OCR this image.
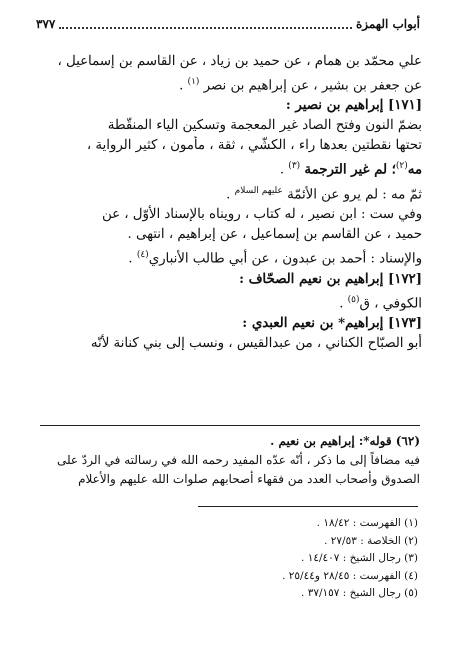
أبواب الهمزة
٣٧٧
علي محمّد بن همام ، عن حميد بن زياد ، عن القاسم بن إسماعيل ،
عن جعفر بن بشير ، عن إبراهيم بن نصر $^{(١)}$ .
[١٧١] إبراهيم بن نصير :
بضمّ النون وفتح الصاد غير المعجمة وتسكين الياء المنقّطة
تحتها نقطتين بعدها راء ، الكشّي ، ثقة ، مأمون ، كثير الرواية ،
مه$^{(٢)}$؛ لم غير الترجمة $^{(٣)}$ .
ثمّ مه : لم يرو عن الأئمّة $^{عليهم السلام}$ .
وفي ست : ابن نصير ، له كتاب ، رويناه بالإسناد الأوّل ، عن
حميد ، عن القاسم بن إسماعيل ، عن إبراهيم ، انتهى .
والإسناد : أحمد بن عبدون ، عن أبي طالب الأنباري$^{(٤)}$ .
[١٧٢] إبراهيم بن نعيم الصحّاف :
الكوفي ، ق$^{(٥)}$ .
[١٧٣] إبراهيم* بن نعيم العبدي :
أبو الصبّاح الكناني ، من عبدالقيس ، ونسب إلى بني كنانة لأنّه
(٦٢) قوله*: إبراهيم بن نعيم .
فيه مضافاً إلى ما ذكر ، أنّه عدّه المفيد رحمه الله في رسالته في الردّ على
الصدوق وأصحاب العدد من فقهاء أصحابهم صلوات الله عليهم والأعلام
(١) الفهرست : ١٨/٤٢ .
(٢) الخلاصة : ٢٧/٥٣ .
(٣) رجال الشيخ : ١٤/٤٠٧ .
(٤) الفهرست : ٢٨/٤٥ و٢٥/٤٤ .
(٥) رجال الشيخ : ٣٧/١٥٧ .
